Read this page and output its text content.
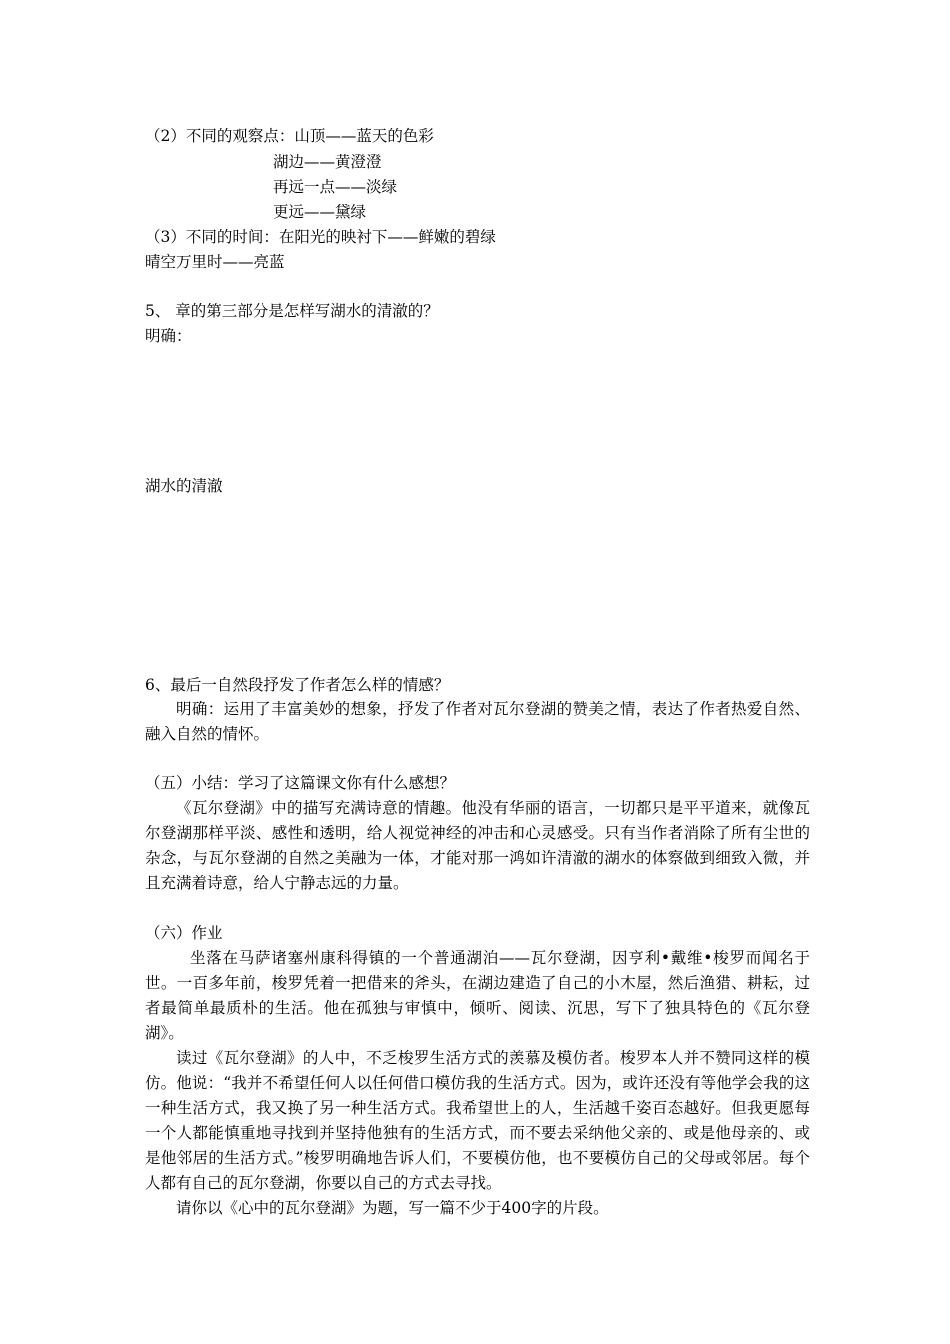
（2）不同的观察点：山顶——蓝天的色彩
湖边——黄澄澄
再远一点——淡绿
更远——黛绿
（3）不同的时间：在阳光的映衬下——鲜嫩的碧绿
晴空万里时——亮蓝
5、 章的第三部分是怎样写湖水的清澈的？
明确：
湖水的清澈
6、最后一自然段抒发了作者怎么样的情感？
明确：运用了丰富美妙的想象，抒发了作者对瓦尔登湖的赞美之情，表达了作者热爱自然、融入自然的情怀。
（五）小结：学习了这篇课文你有什么感想？
《瓦尔登湖》中的描写充满诗意的情趣。他没有华丽的语言，一切都只是平平道来，就像瓦尔登湖那样平淡、感性和透明，给人视觉神经的冲击和心灵感受。只有当作者消除了所有尘世的杂念，与瓦尔登湖的自然之美融为一体，才能对那一鸿如许清澈的湖水的体察做到细致入微，并且充满着诗意，给人宁静志远的力量。
（六）作业
坐落在马萨诸塞州康科得镇的一个普通湖泊——瓦尔登湖，因亨利•戴维•梭罗而闻名于世。一百多年前，梭罗凭着一把借来的斧头，在湖边建造了自己的小木屋，然后渔猎、耕耘，过者最简单最质朴的生活。他在孤独与审慎中，倾听、阅读、沉思，写下了独具特色的《瓦尔登湖》。
读过《瓦尔登湖》的人中，不乏梭罗生活方式的羡慕及模仿者。梭罗本人并不赞同这样的模仿。他说：“我并不希望任何人以任何借口模仿我的生活方式。因为，或许还没有等他学会我的这一种生活方式，我又换了另一种生活方式。我希望世上的人，生活越千姿百态越好。但我更愿每一个人都能慎重地寻找到并坚持他独有的生活方式，而不要去采纳他父亲的、或是他母亲的、或是他邻居的生活方式。”梭罗明确地告诉人们，不要模仿他，也不要模仿自己的父母或邻居。每个人都有自己的瓦尔登湖，你要以自己的方式去寻找。
请你以《心中的瓦尔登湖》为题，写一篇不少于400字的片段。
